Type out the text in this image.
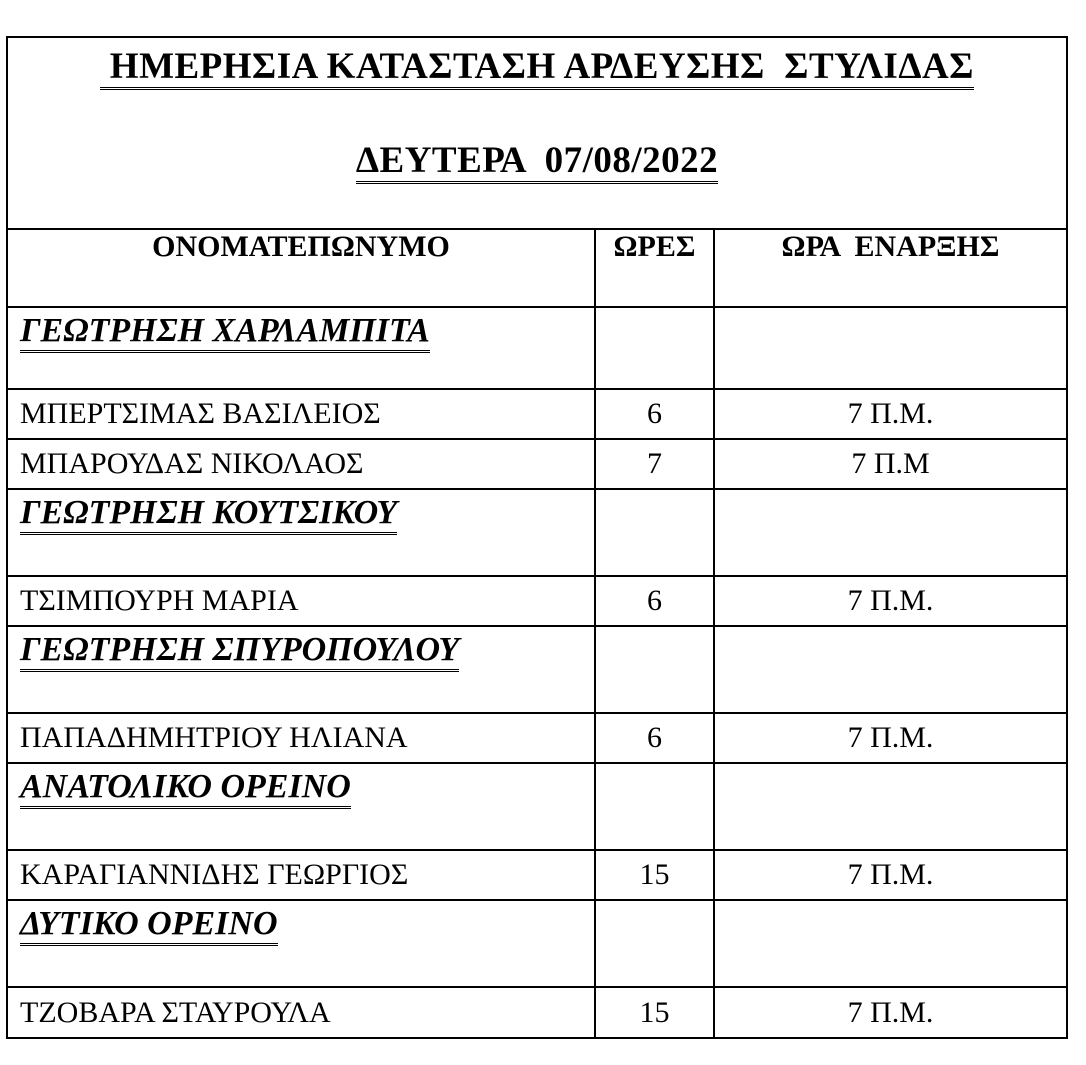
ΗΜΕΡΗΣΙΑ ΚΑΤΑΣΤΑΣΗ ΑΡΔΕΥΣΗΣ  ΣΤΥΛΙΔΑΣ
ΔΕΥΤΕΡΑ  07/08/2022
ΟΝΟΜΑΤΕΠΩΝΥΜΟ	ΩΡΕΣ	ΩΡΑ  ΕΝΑΡΞΗΣ
ΓΕΩΤΡΗΣΗ ΧΑΡΛΑΜΠΙΤΑ		
ΜΠΕΡΤΣΙΜΑΣ ΒΑΣΙΛΕΙΟΣ	6	7 Π.Μ.
ΜΠΑΡΟΥΔΑΣ ΝΙΚΟΛΑΟΣ	7	7 Π.Μ
ΓΕΩΤΡΗΣΗ ΚΟΥΤΣΙΚΟΥ		
ΤΣΙΜΠΟΥΡΗ ΜΑΡΙΑ	6	7 Π.Μ.
ΓΕΩΤΡΗΣΗ ΣΠΥΡΟΠΟΥΛΟΥ		
ΠΑΠΑΔΗΜΗΤΡΙΟΥ ΗΛΙΑΝΑ	6	7 Π.Μ.
ΑΝΑΤΟΛΙΚΟ ΟΡΕΙΝΟ		
ΚΑΡΑΓΙΑΝΝΙΔΗΣ ΓΕΩΡΓΙΟΣ	15	7 Π.Μ.
ΔΥΤΙΚΟ ΟΡΕΙΝΟ		
ΤΖΟΒΑΡΑ ΣΤΑΥΡΟΥΛΑ	15	7 Π.Μ.
